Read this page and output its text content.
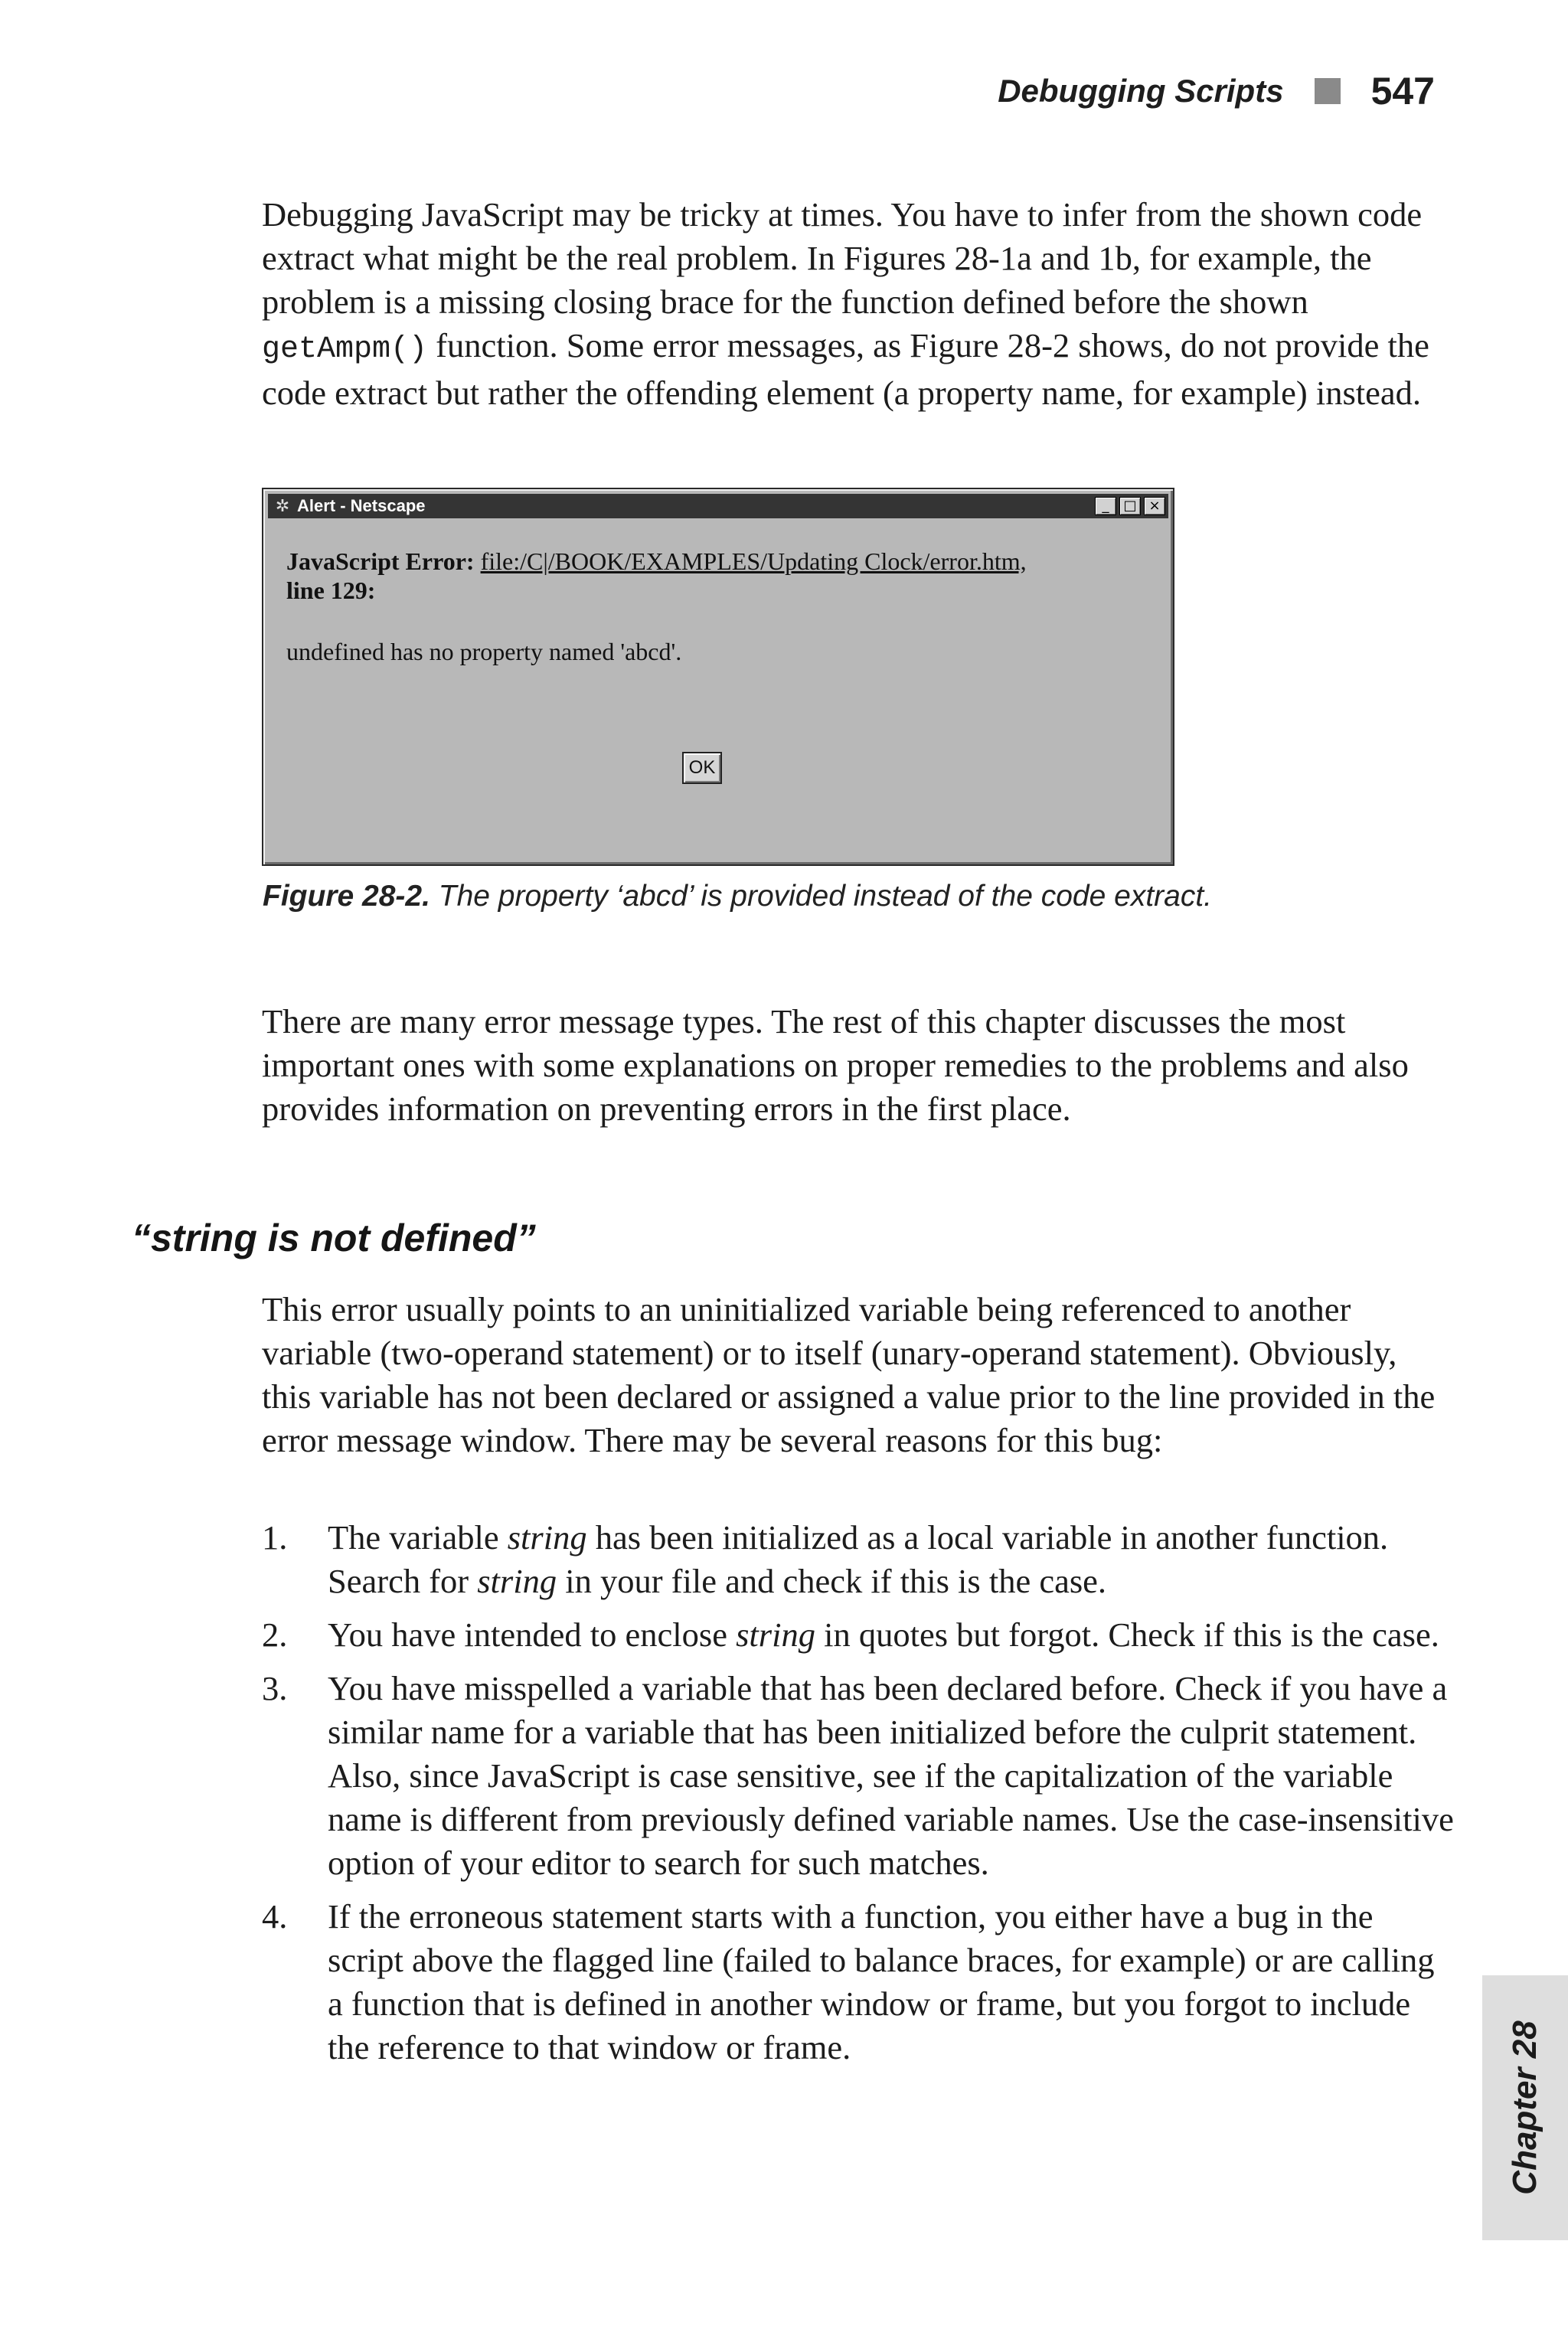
Debugging Scripts 547

Debugging JavaScript may be tricky at times. You have to infer from the shown code extract what might be the real problem. In Figures 28-1a and 1b, for example, the problem is a missing closing brace for the function defined before the shown getAmpm() function. Some error messages, as Figure 28-2 shows, do not provide the code extract but rather the offending element (a property name, for example) instead.

✲ Alert - Netscape	_	□ ×
JavaScript Error: file:/C|/BOOK/EXAMPLES/Updating Clock/error.htm,
line 129:
undefined has no property named 'abcd'.
OK
Figure 28-2. The property ‘abcd’ is provided instead of the code extract.

There are many error message types. The rest of this chapter discusses the most important ones with some explanations on proper remedies to the problems and also provides information on preventing errors in the first place.

“string is not defined”

This error usually points to an uninitialized variable being referenced to another variable (two-operand statement) or to itself (unary-operand statement). Obviously, this variable has not been declared or assigned a value prior to the line provided in the error message window. There may be several reasons for this bug:

1. The variable string has been initialized as a local variable in another function. Search for string in your file and check if this is the case.
2. You have intended to enclose string in quotes but forgot. Check if this is the case.
3. You have misspelled a variable that has been declared before. Check if you have a similar name for a variable that has been initialized before the culprit statement. Also, since JavaScript is case sensitive, see if the capitalization of the variable name is different from previously defined variable names. Use the case-insensitive option of your editor to search for such matches.
4. If the erroneous statement starts with a function, you either have a bug in the script above the flagged line (failed to balance braces, for example) or are calling a function that is defined in another window or frame, but you forgot to include the reference to that window or frame.	Chapter 28
